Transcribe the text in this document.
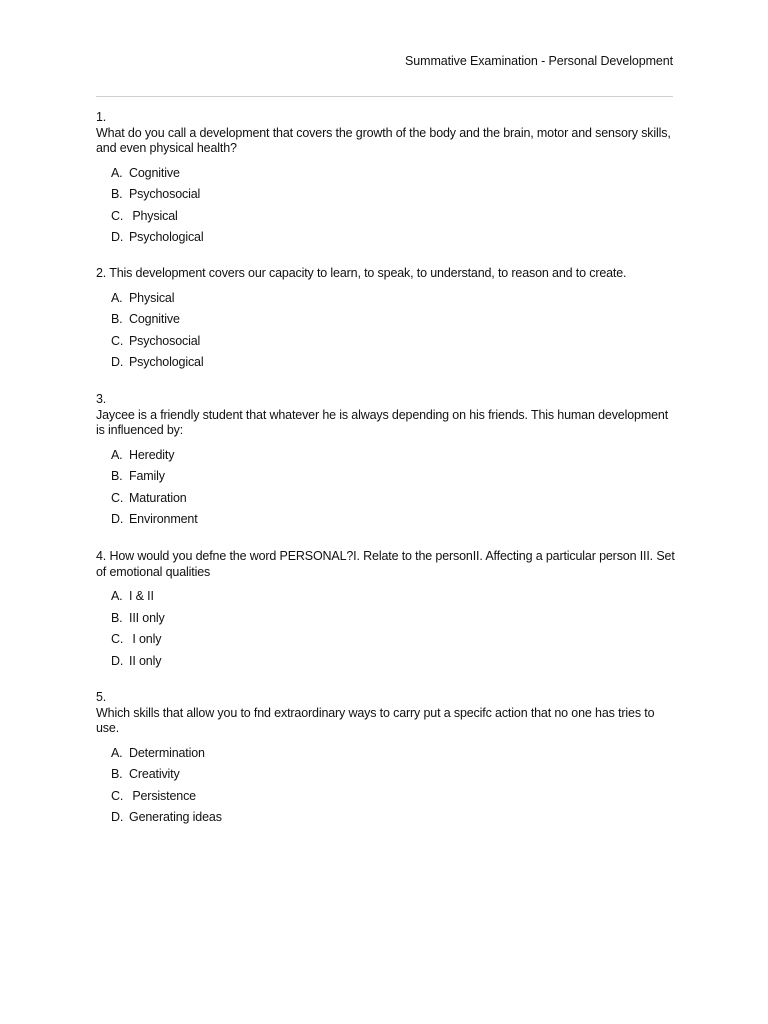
Summative Examination - Personal Development
1.

What do you call a development that covers the growth of the body and the brain, motor and sensory skills, and even physical health?

A. Cognitive
B. Psychosocial
C. Physical
D. Psychological

2. This development covers our capacity to learn, to speak, to understand, to reason and to create.

A. Physical
B. Cognitive
C. Psychosocial
D. Psychological
3.

Jaycee is a friendly student that whatever he is always depending on his friends. This human development is influenced by:

A. Heredity
B. Family
C. Maturation
D. Environment

4. How would you defne the word PERSONAL?I. Relate to the personII. Affecting a particular person III. Set of emotional qualities

A. I & II
B. III only
C. I only
D. II only
5.

Which skills that allow you to fnd extraordinary ways to carry put a specifc action that no one has tries to use.

A. Determination
B. Creativity
C. Persistence
D. Generating ideas
